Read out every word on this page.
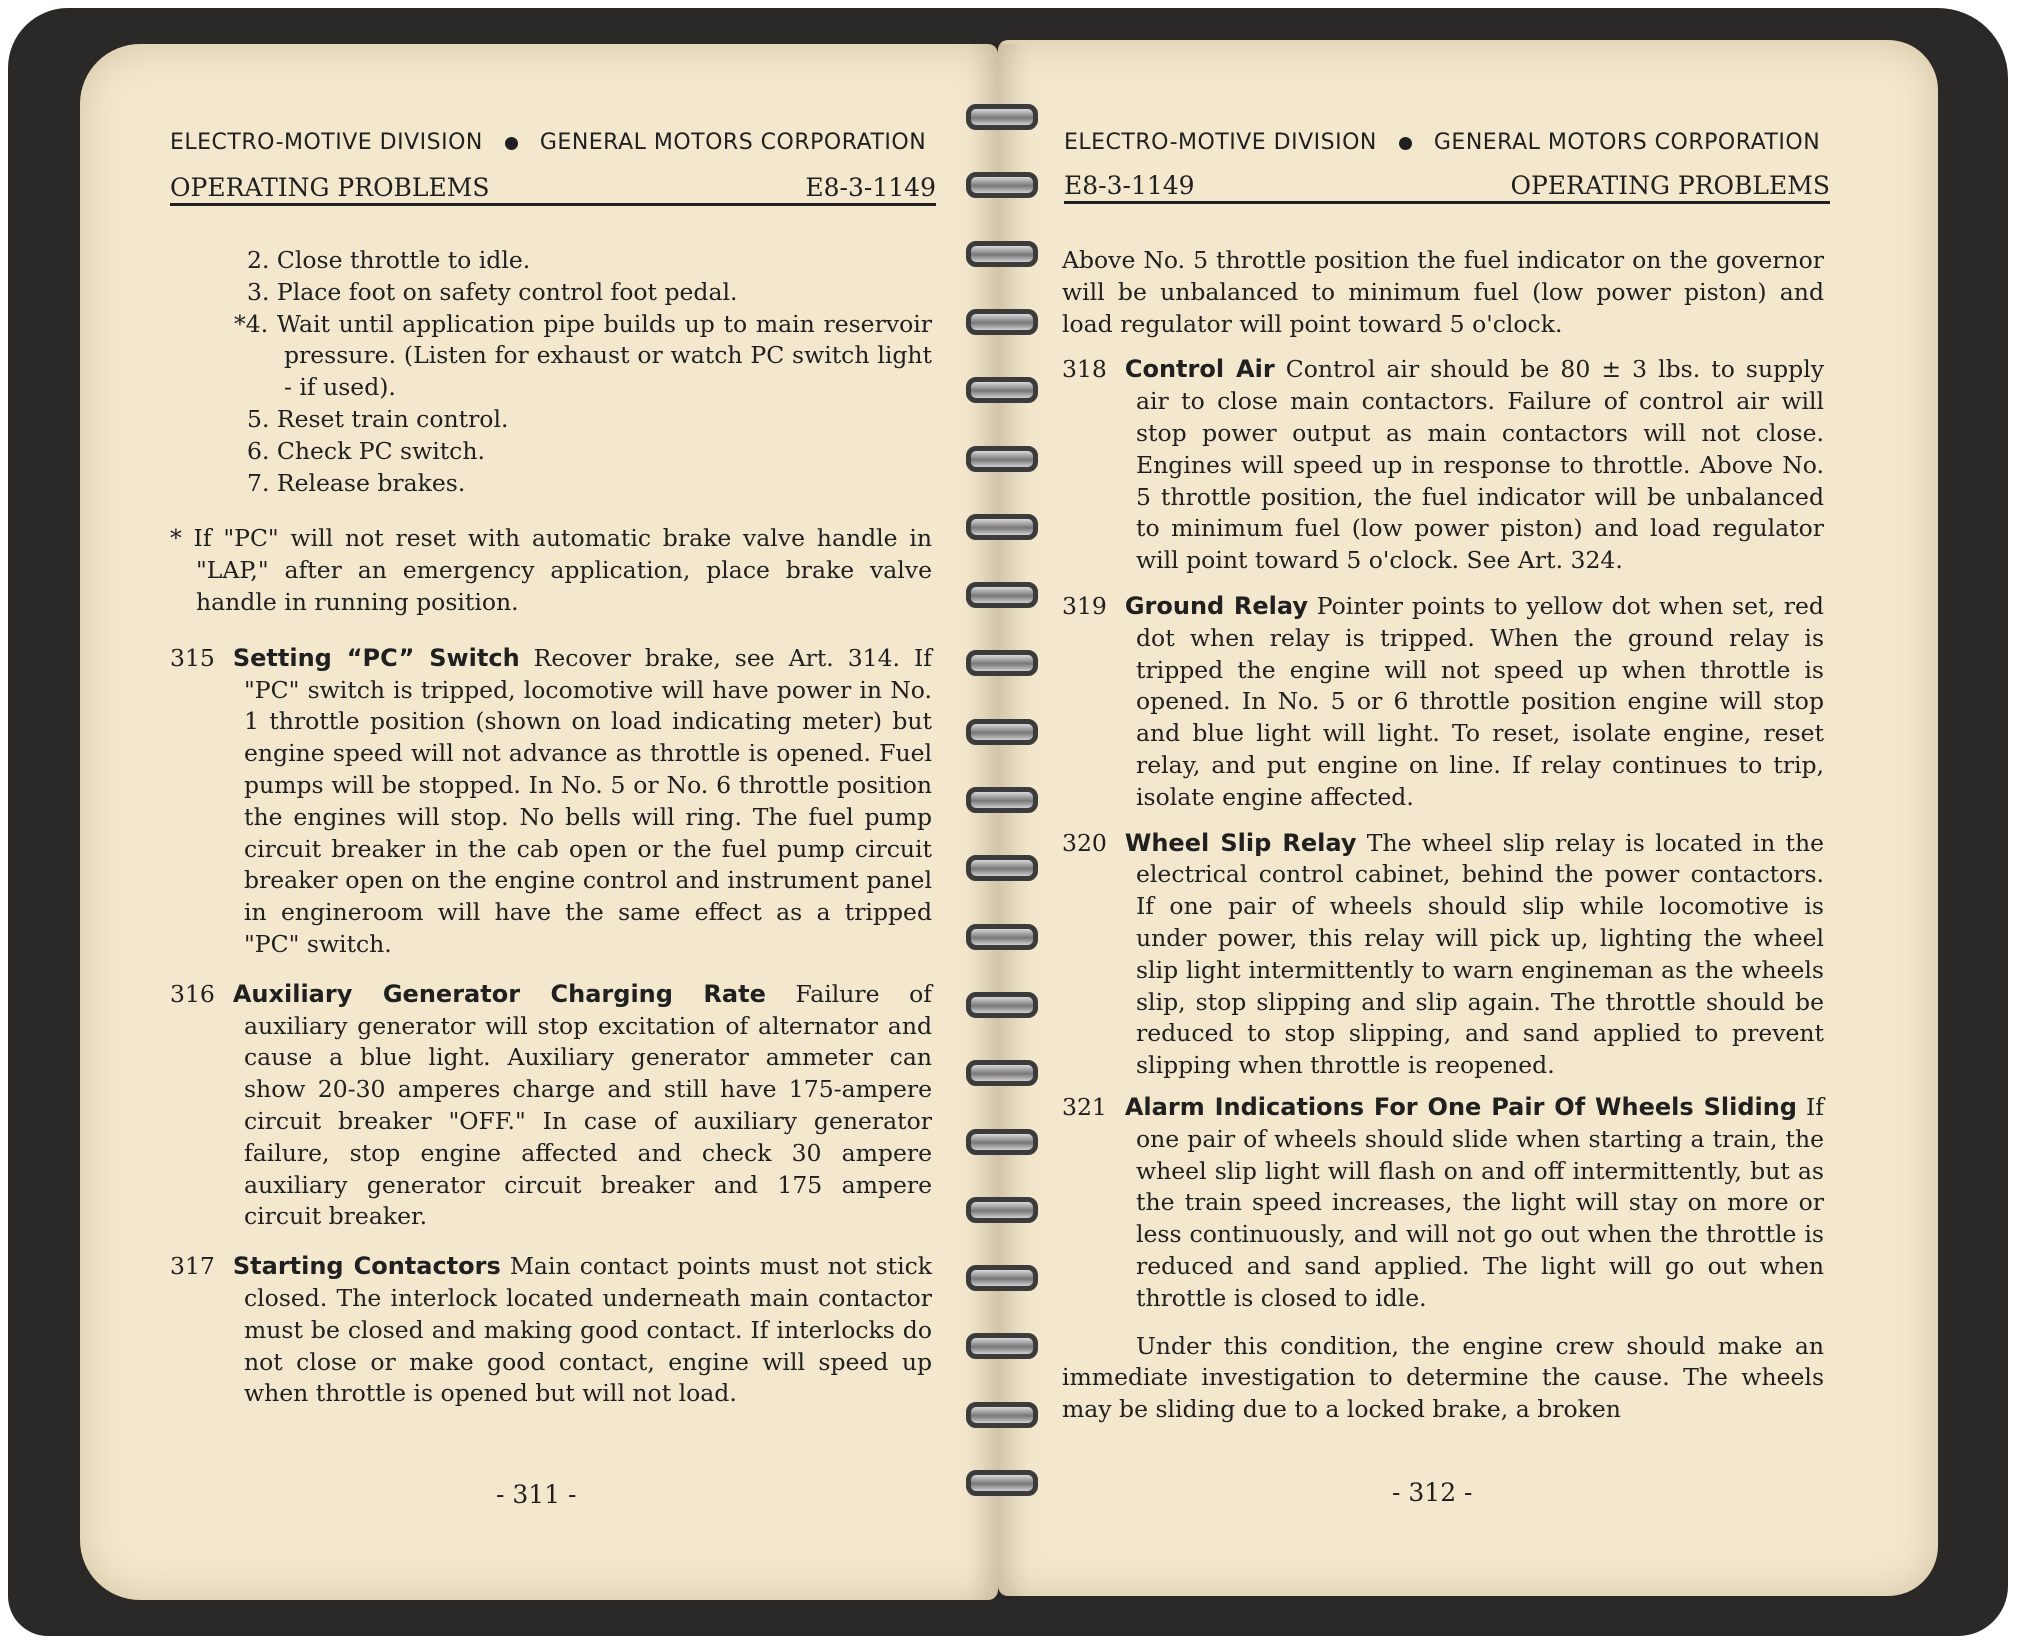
ELECTRO-MOTIVE DIVISION	GENERAL MOTORS CORPORATION
OPERATING PROBLEMS	E8-3-1149

2. Close throttle to idle.

3. Place foot on safety control foot pedal.

*4. Wait until application pipe builds up to main reservoir pressure. (Listen for exhaust or watch PC switch light - if used).

5. Reset train control.

6. Check PC switch.

7. Release brakes.

* If "PC" will not reset with automatic brake valve handle in "LAP," after an emergency application, place brake valve handle in running position.

315 Setting “PC” Switch Recover brake, see Art. 314. If "PC" switch is tripped, locomotive will have power in No. 1 throttle position (shown on load indicating meter) but engine speed will not advance as throttle is opened. Fuel pumps will be stopped. In No. 5 or No. 6 throttle position the engines will stop. No bells will ring. The fuel pump circuit breaker in the cab open or the fuel pump circuit breaker open on the engine control and instrument panel in engineroom will have the same effect as a tripped "PC" switch.

316 Auxiliary Generator Charging Rate Failure of auxiliary generator will stop excitation of alternator and cause a blue light. Auxiliary generator ammeter can show 20-30 amperes charge and still have 175-ampere circuit breaker "OFF." In case of auxiliary generator failure, stop engine affected and check 30 ampere auxiliary generator circuit breaker and 175 ampere circuit breaker.

317 Starting Contactors Main contact points must not stick closed. The interlock located underneath main contactor must be closed and making good contact. If interlocks do not close or make good contact, engine will speed up when throttle is opened but will not load.

- 311 -
ELECTRO-MOTIVE DIVISION	GENERAL MOTORS CORPORATION
E8-3-1149	OPERATING PROBLEMS

Above No. 5 throttle position the fuel indicator on the governor will be unbalanced to minimum fuel (low power piston) and load regulator will point toward 5 o'clock.

318 Control Air Control air should be 80 ± 3 lbs. to supply air to close main contactors. Failure of control air will stop power output as main contactors will not close. Engines will speed up in response to throttle. Above No. 5 throttle position, the fuel indicator will be unbalanced to minimum fuel (low power piston) and load regulator will point toward 5 o'clock. See Art. 324.

319 Ground Relay Pointer points to yellow dot when set, red dot when relay is tripped. When the ground relay is tripped the engine will not speed up when throttle is opened. In No. 5 or 6 throttle position engine will stop and blue light will light. To reset, isolate engine, reset relay, and put engine on line. If relay continues to trip, isolate engine affected.

320 Wheel Slip Relay The wheel slip relay is located in the electrical control cabinet, behind the power contactors. If one pair of wheels should slip while locomotive is under power, this relay will pick up, lighting the wheel slip light intermittently to warn engineman as the wheels slip, stop slipping and slip again. The throttle should be reduced to stop slipping, and sand applied to prevent slipping when throttle is reopened.

321 Alarm Indications For One Pair Of Wheels Sliding If one pair of wheels should slide when starting a train, the wheel slip light will flash on and off intermittently, but as the train speed increases, the light will stay on more or less continuously, and will not go out when the throttle is reduced and sand applied. The light will go out when throttle is closed to idle.

Under this condition, the engine crew should make an immediate investigation to determine the cause. The wheels may be sliding due to a locked brake, a broken

- 312 -
